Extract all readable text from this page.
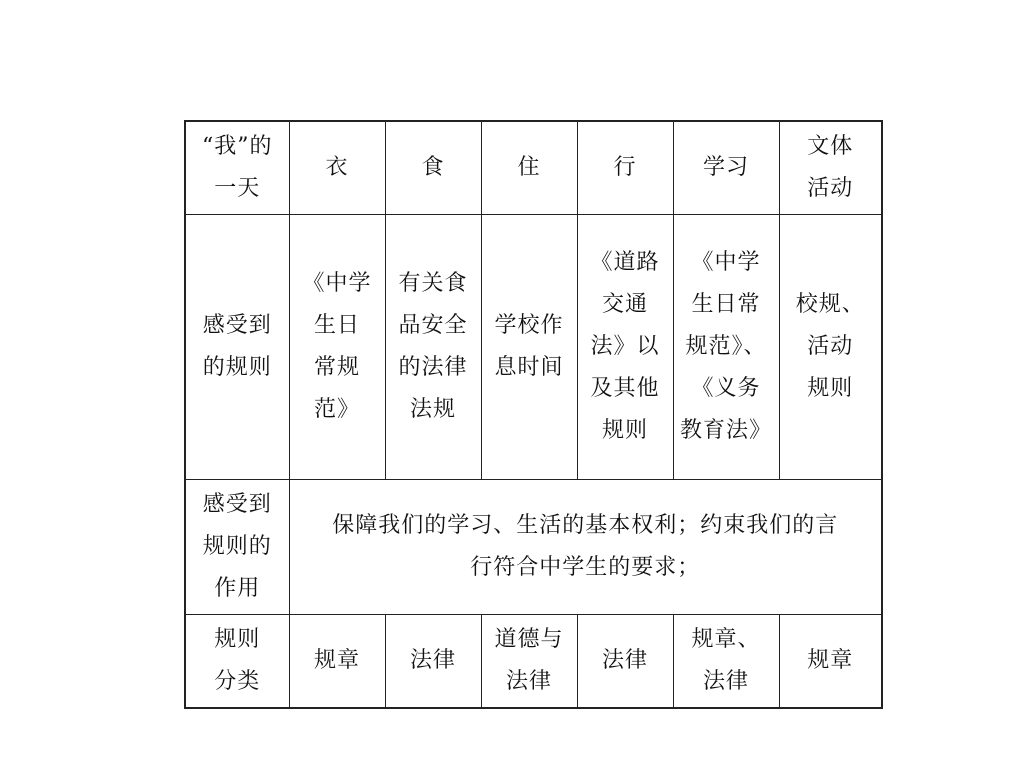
“我”的
一天	衣	食	住	行	学习	文体
活动

感受到
的规则	《中学
生日
常规
范》	有关食
品安全
的法律
法规	学校作
息时间	《道路
交通
法》以
及其他
规则	《中学
生日常
规范》、
《义务
教育法》	校规、
活动
规则

感受到
规则的
作用	保障我们的学习、生活的基本权利；约束我们的言
行符合中学生的要求；					

规则
分类	规章	法律	道德与
法律	法律	规章、
法律	规章
